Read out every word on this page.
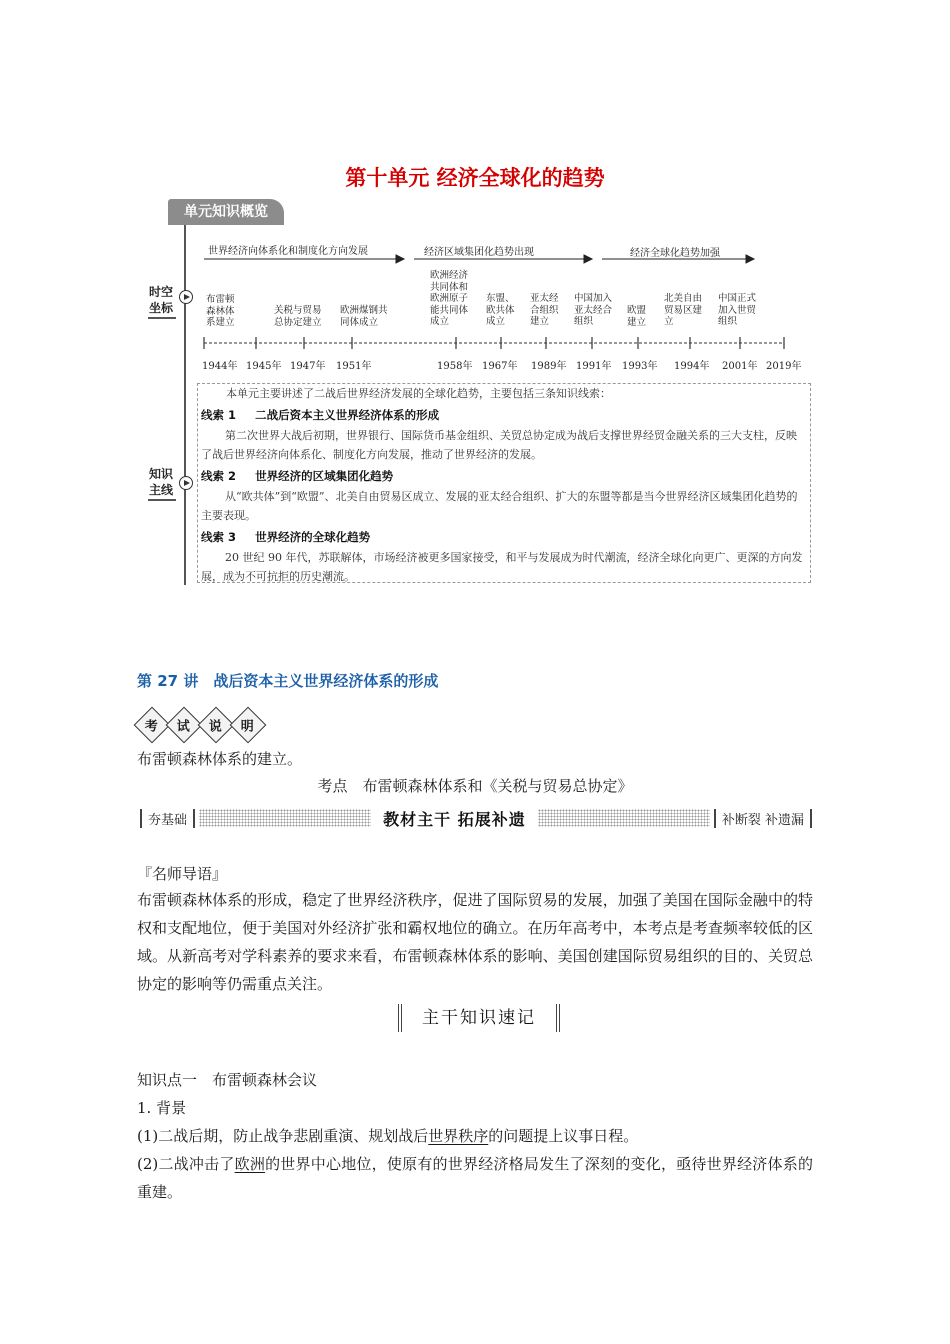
第十单元 经济全球化的趋势
单元知识概览
时空
坐标
世界经济向体系化和制度化方向发展	经济区域集团化趋势出现	经济全球化趋势加强
布雷顿
森林体
系建立
关税与贸易
总协定建立
欧洲煤钢共
同体成立
欧洲经济
共同体和
欧洲原子
能共同体
成立
东盟、
欧共体
成立
亚太经
合组织
建立
中国加入
亚太经合
组织
欧盟
建立
北美自由
贸易区建
立
中国正式
加入世贸
组织
1944年 1945年 1947年 1951年	1958年 1967年 1989年 1991年 1993年 1994年 2001年 2019年
知识
主线
本单元主要讲述了二战后世界经济发展的全球化趋势，主要包括三条知识线索：
线索 1 二战后资本主义世界经济体系的形成
第二次世界大战后初期，世界银行、国际货币基金组织、关贸总协定成为战后支撑世界经贸金融关系的三大支柱，反映了战后世界经济向体系化、制度化方向发展，推动了世界经济的发展。
线索 2 世界经济的区域集团化趋势
从“欧共体”到“欧盟”、北美自由贸易区成立、发展的亚太经合组织、扩大的东盟等都是当今世界经济区域集团化趋势的主要表现。
线索 3 世界经济的全球化趋势
20 世纪 90 年代，苏联解体，市场经济被更多国家接受，和平与发展成为时代潮流，经济全球化向更广、更深的方向发展，成为不可抗拒的历史潮流。
第 27 讲　战后资本主义世界经济体系的形成
考 试 说 明
布雷顿森林体系的建立。
考点　布雷顿森林体系和《关税与贸易总协定》
夯基础	教材主干 拓展补遗	补断裂 补遗漏
『名师导语』
布雷顿森林体系的形成，稳定了世界经济秩序，促进了国际贸易的发展，加强了美国在国际金融中的特权和支配地位，便于美国对外经济扩张和霸权地位的确立。在历年高考中，本考点是考查频率较低的区域。从新高考对学科素养的要求来看，布雷顿森林体系的影响、美国创建国际贸易组织的目的、关贸总协定的影响等仍需重点关注。
主干知识速记
知识点一　布雷顿森林会议
1. 背景
(1)二战后期，防止战争悲剧重演、规划战后世界秩序的问题提上议事日程。
(2)二战冲击了欧洲的世界中心地位，使原有的世界经济格局发生了深刻的变化，亟待世界经济体系的重建。
